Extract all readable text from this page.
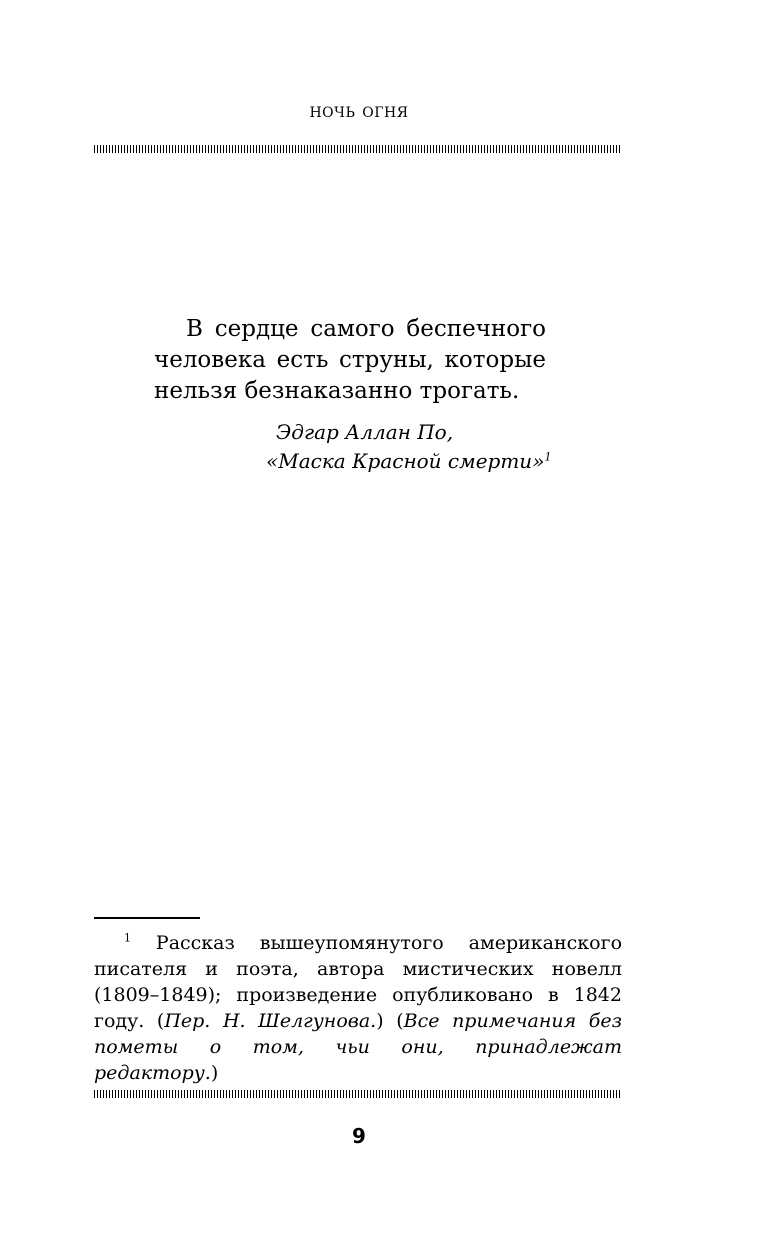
ночь огня

В сердце самого беспечного человека есть струны, которые нельзя безнаказанно трогать.

Эдгар Аллан По,
«Маска Красной смерти»$^1$

$^1$ Рассказ вышеупомянутого американского писателя и поэта, автора мистических новелл (1809–1849); произведение опубликовано в 1842 году. (Пер. Н. Шелгунова.) (Все примечания без пометы о том, чьи они, принадлежат редактору.)

9
